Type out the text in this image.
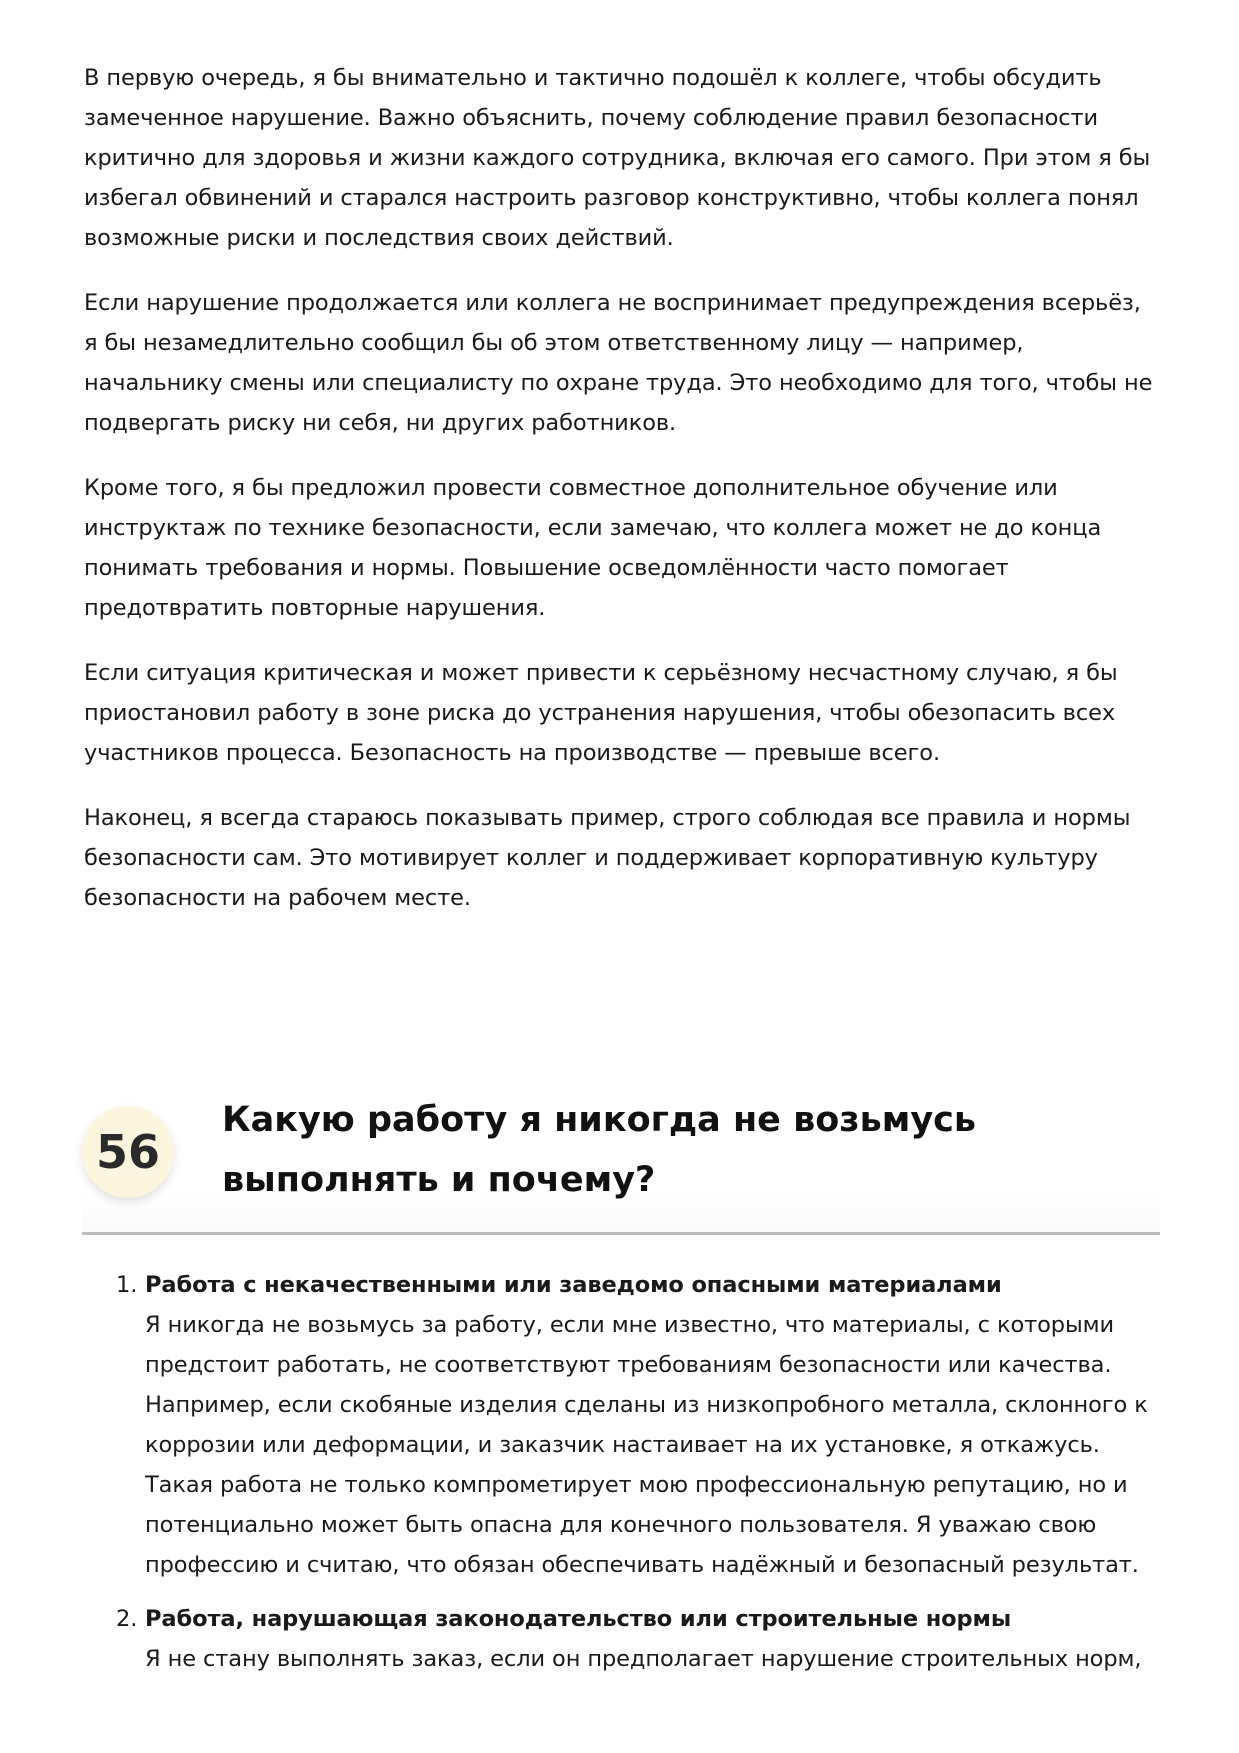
В первую очередь, я бы внимательно и тактично подошёл к коллеге, чтобы обсудить замеченное нарушение. Важно объяснить, почему соблюдение правил безопасности критично для здоровья и жизни каждого сотрудника, включая его самого. При этом я бы избегал обвинений и старался настроить разговор конструктивно, чтобы коллега понял возможные риски и последствия своих действий.

Если нарушение продолжается или коллега не воспринимает предупреждения всерьёз, я бы незамедлительно сообщил бы об этом ответственному лицу — например, начальнику смены или специалисту по охране труда. Это необходимо для того, чтобы не подвергать риску ни себя, ни других работников.

Кроме того, я бы предложил провести совместное дополнительное обучение или инструктаж по технике безопасности, если замечаю, что коллега может не до конца понимать требования и нормы. Повышение осведомлённости часто помогает предотвратить повторные нарушения.

Если ситуация критическая и может привести к серьёзному несчастному случаю, я бы приостановил работу в зоне риска до устранения нарушения, чтобы обезопасить всех участников процесса. Безопасность на производстве — превыше всего.

Наконец, я всегда стараюсь показывать пример, строго соблюдая все правила и нормы безопасности сам. Это мотивирует коллег и поддерживает корпоративную культуру безопасности на рабочем месте.

56
Какую работу я никогда не возьмусь выполнять и почему?
1. Работа с некачественными или заведомо опасными материалами
Я никогда не возьмусь за работу, если мне известно, что материалы, с которыми предстоит работать, не соответствуют требованиям безопасности или качества. Например, если скобяные изделия сделаны из низкопробного металла, склонного к коррозии или деформации, и заказчик настаивает на их установке, я откажусь. Такая работа не только компрометирует мою профессиональную репутацию, но и потенциально может быть опасна для конечного пользователя. Я уважаю свою профессию и считаю, что обязан обеспечивать надёжный и безопасный результат.
2. Работа, нарушающая законодательство или строительные нормы
Я не стану выполнять заказ, если он предполагает нарушение строительных норм,
